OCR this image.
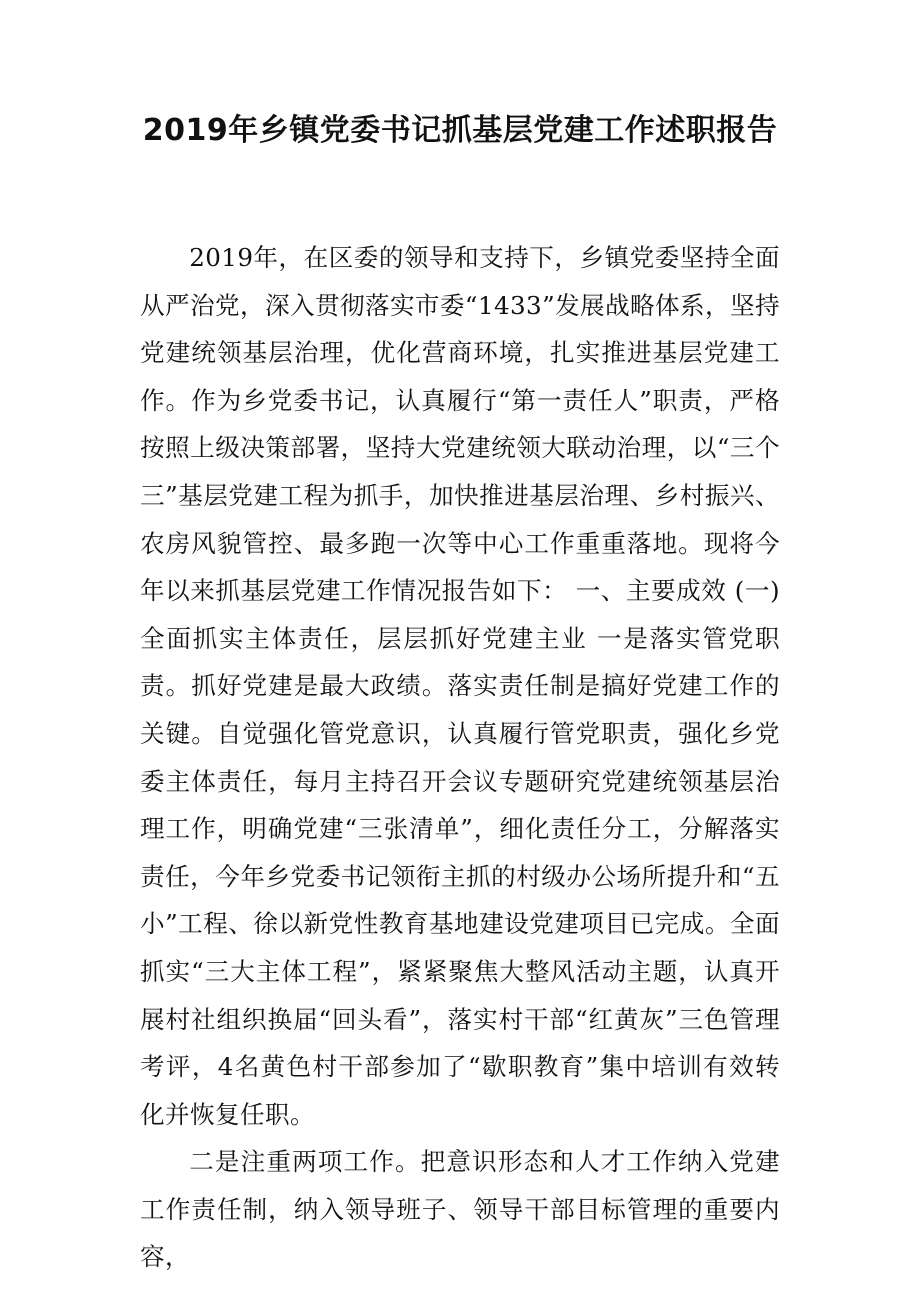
2019年乡镇党委书记抓基层党建工作述职报告

2019年，在区委的领导和支持下，乡镇党委坚持全面从严治党，深入贯彻落实市委“1433”发展战略体系，坚持党建统领基层治理，优化营商环境，扎实推进基层党建工作。作为乡党委书记，认真履行“第一责任人”职责，严格按照上级决策部署，坚持大党建统领大联动治理，以“三个三”基层党建工程为抓手，加快推进基层治理、乡村振兴、农房风貌管控、最多跑一次等中心工作重重落地。现将今年以来抓基层党建工作情况报告如下： 一、主要成效 (一)全面抓实主体责任，层层抓好党建主业 一是落实管党职责。抓好党建是最大政绩。落实责任制是搞好党建工作的关键。自觉强化管党意识，认真履行管党职责，强化乡党委主体责任，每月主持召开会议专题研究党建统领基层治理工作，明确党建“三张清单”，细化责任分工，分解落实责任，今年乡党委书记领衔主抓的村级办公场所提升和“五小”工程、徐以新党性教育基地建设党建项目已完成。全面抓实“三大主体工程”，紧紧聚焦大整风活动主题，认真开展村社组织换届“回头看”，落实村干部“红黄灰”三色管理考评，4名黄色村干部参加了“歇职教育”集中培训有效转化并恢复任职。

二是注重两项工作。把意识形态和人才工作纳入党建工作责任制，纳入领导班子、领导干部目标管理的重要内容，
